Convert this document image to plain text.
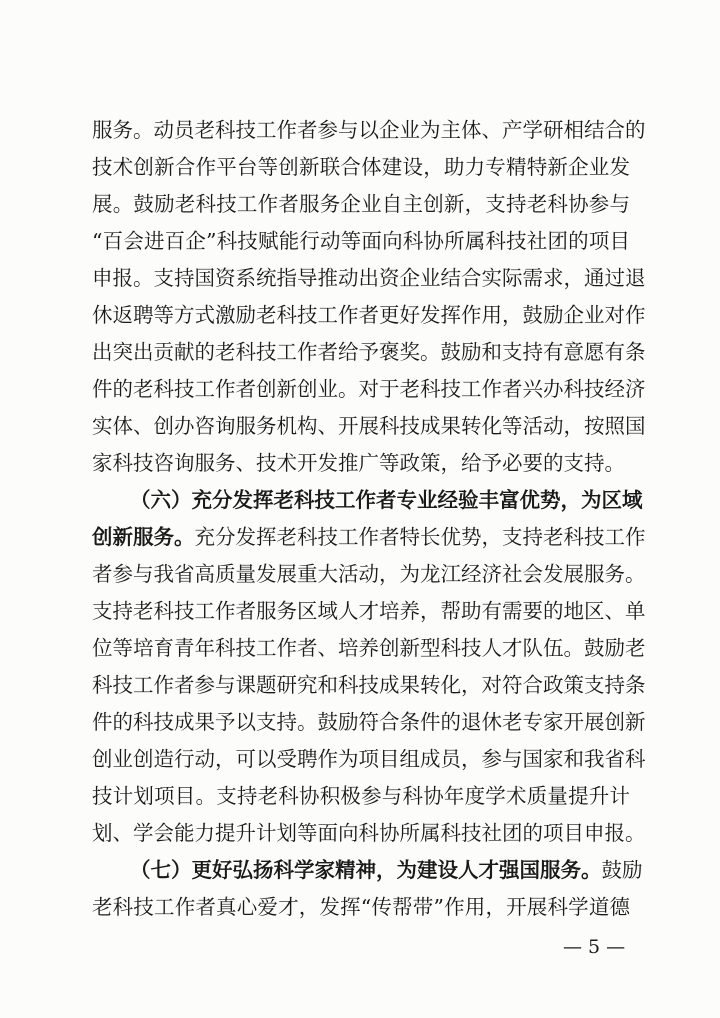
服务。动员老科技工作者参与以企业为主体、产学研相结合的
技术创新合作平台等创新联合体建设，助力专精特新企业发
展。鼓励老科技工作者服务企业自主创新，支持老科协参与
“百会进百企”科技赋能行动等面向科协所属科技社团的项目
申报。支持国资系统指导推动出资企业结合实际需求，通过退
休返聘等方式激励老科技工作者更好发挥作用，鼓励企业对作
出突出贡献的老科技工作者给予褒奖。鼓励和支持有意愿有条
件的老科技工作者创新创业。对于老科技工作者兴办科技经济
实体、创办咨询服务机构、开展科技成果转化等活动，按照国
家科技咨询服务、技术开发推广等政策，给予必要的支持。
（六）充分发挥老科技工作者专业经验丰富优势，为区域
创新服务。充分发挥老科技工作者特长优势，支持老科技工作
者参与我省高质量发展重大活动，为龙江经济社会发展服务。
支持老科技工作者服务区域人才培养，帮助有需要的地区、单
位等培育青年科技工作者、培养创新型科技人才队伍。鼓励老
科技工作者参与课题研究和科技成果转化，对符合政策支持条
件的科技成果予以支持。鼓励符合条件的退休老专家开展创新
创业创造行动，可以受聘作为项目组成员，参与国家和我省科
技计划项目。支持老科协积极参与科协年度学术质量提升计
划、学会能力提升计划等面向科协所属科技社团的项目申报。
（七）更好弘扬科学家精神，为建设人才强国服务。鼓励
老科技工作者真心爱才，发挥“传帮带”作用，开展科学道德
— 5 —
